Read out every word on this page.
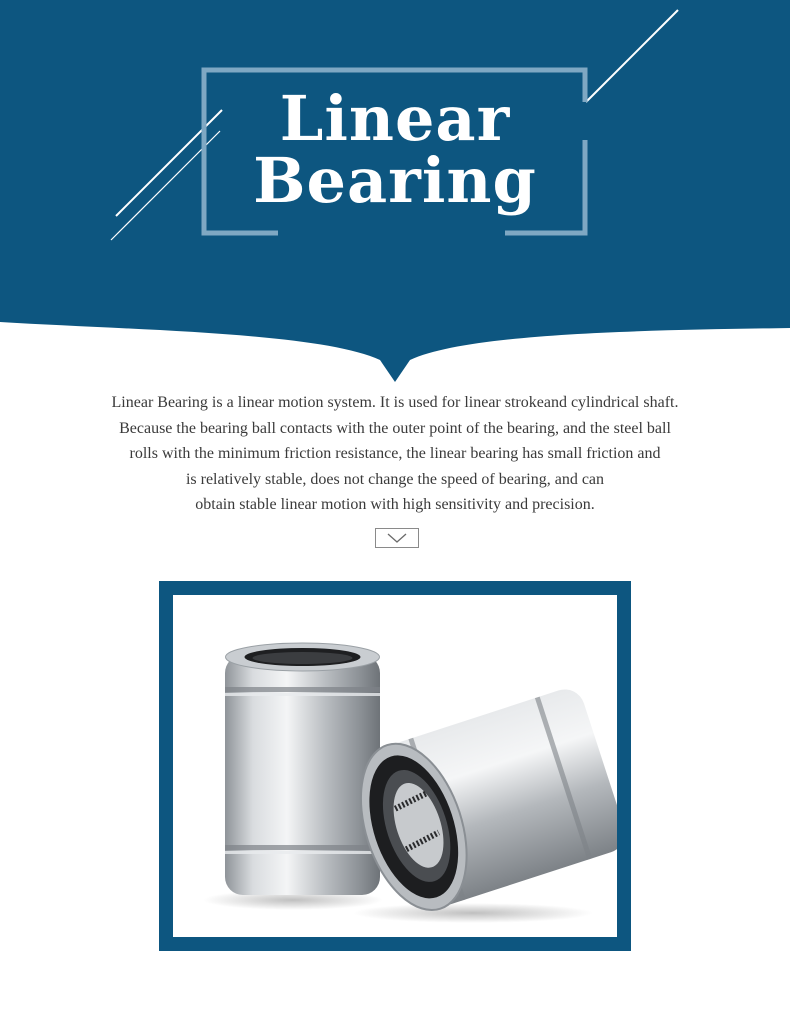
Linear
Bearing
Linear Bearing is a linear motion system. It is used for linear strokeand cylindrical shaft.
Because the bearing ball contacts with the outer point of the bearing, and the steel ball
rolls with the minimum friction resistance, the linear bearing has small friction and
is relatively stable, does not change the speed of bearing, and can
obtain stable linear motion with high sensitivity and precision.
